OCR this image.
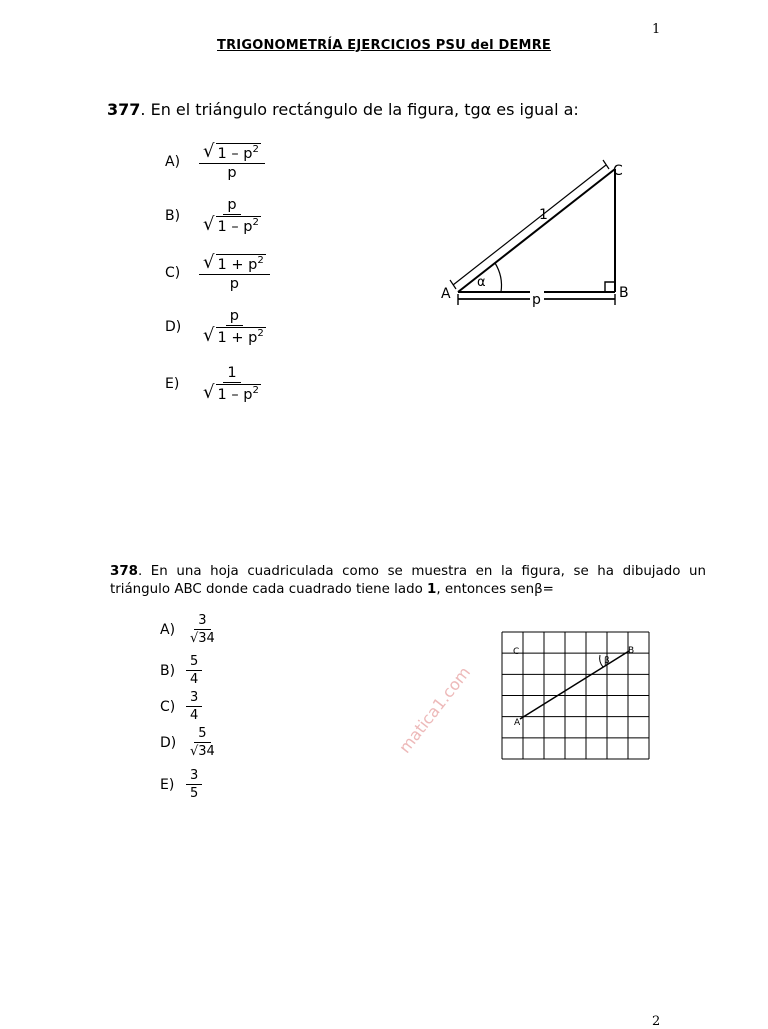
1
2
TRIGONOMETRÍA EJERCICIOS PSU del DEMRE
377. En el triángulo rectángulo de la figura, tgα es igual a:
A)	$\frac{√ 1 - p^2}{p}$
B)	$\frac{p}{√ 1 - p^2}$
C)	$\frac{√ 1 + p^2}{p}$
D)	$\frac{p}{√ 1 + p^2}$
E)	$\frac{1}{√ 1 - p^2}$
α
A	B
C
1
p
378. En una hoja cuadriculada como se muestra en la figura, se ha dibujado un triángulo ABC donde cada cuadrado tiene lado 1, entonces senβ=
$A) \frac{3}{√34}$
$B) \frac{5}{4}$
$C) \frac{3}{4}$
$D) \frac{5}{√34}$
$E) \frac{3}{5}$
C	B
A
β
matica1.com
